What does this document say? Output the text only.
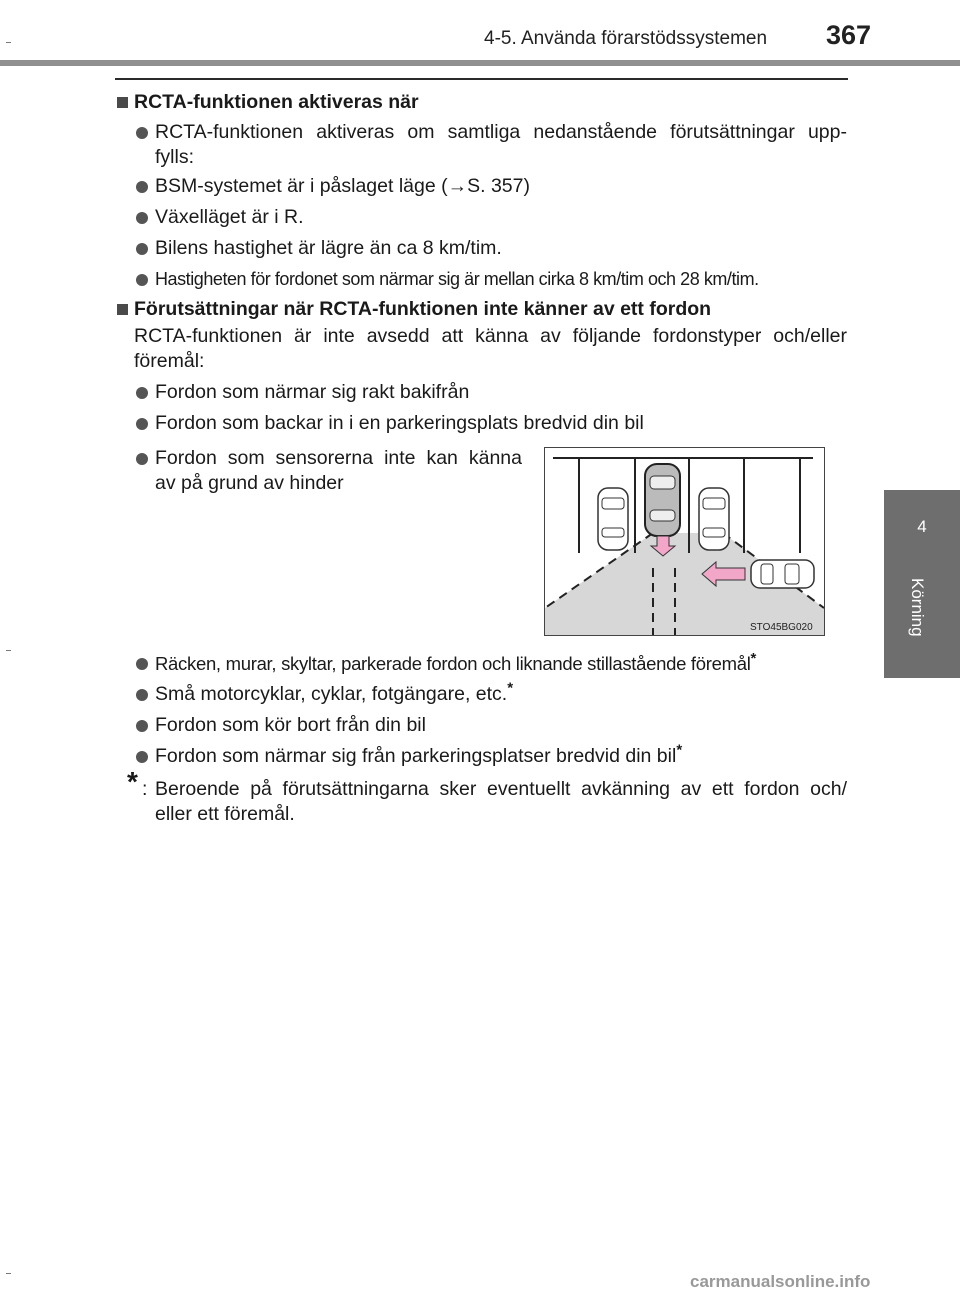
4-5. Använda förarstödssystemen 367
4
Körning
RCTA-funktionen aktiveras när
RCTA-funktionen aktiveras om samtliga nedanstående förutsättningar upp-
fylls:
BSM-systemet är i påslaget läge (→S. 357)
Växelläget är i R.
Bilens hastighet är lägre än ca 8 km/tim.
Hastigheten för fordonet som närmar sig är mellan cirka 8 km/tim och 28 km/tim.
Förutsättningar när RCTA-funktionen inte känner av ett fordon
RCTA-funktionen är inte avsedd att känna av följande fordonstyper och/eller
föremål:
Fordon som närmar sig rakt bakifrån
Fordon som backar in i en parkeringsplats bredvid din bil
Fordon som sensorerna inte kan känna
av på grund av hinder
STO45BG020
Räcken, murar, skyltar, parkerade fordon och liknande stillastående föremål*
Små motorcyklar, cyklar, fotgängare, etc.*
Fordon som kör bort från din bil
Fordon som närmar sig från parkeringsplatser bredvid din bil*
* : Beroende på förutsättningarna sker eventuellt avkänning av ett fordon och/
eller ett föremål.
carmanualsonline.info
